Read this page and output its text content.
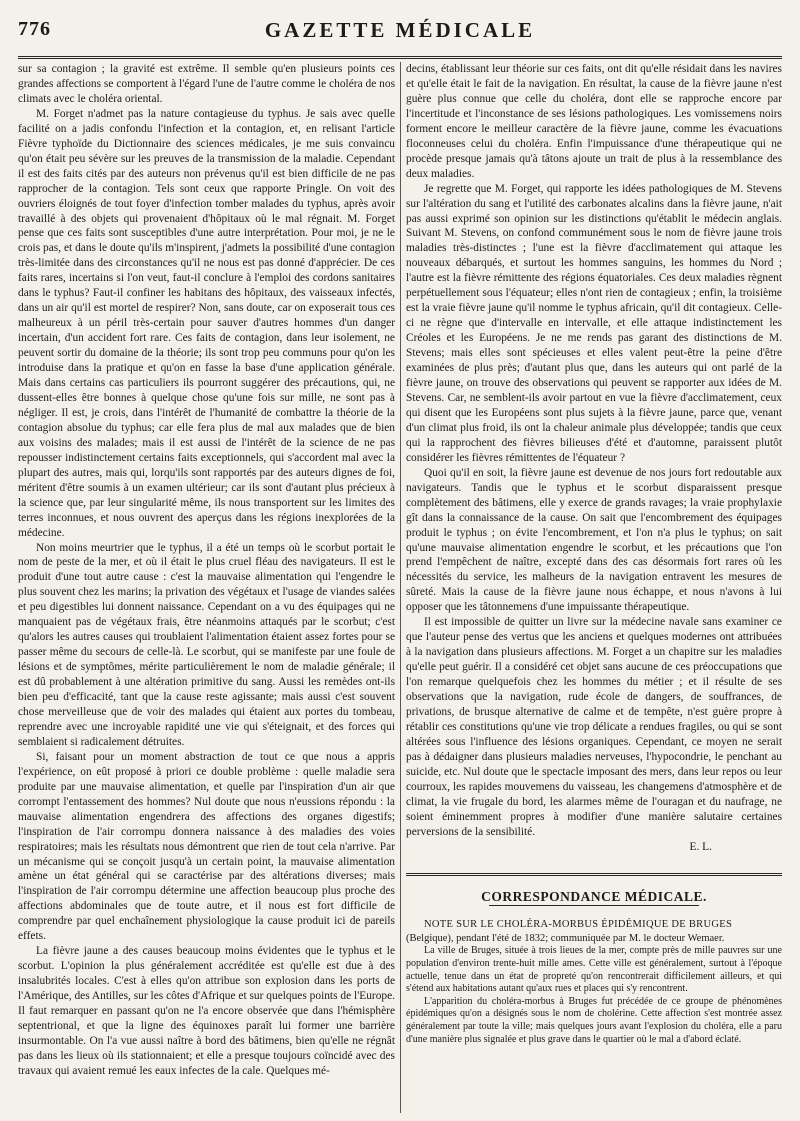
776	GAZETTE MÉDICALE

sur sa contagion ; la gravité est extrême. Il semble qu'en plusieurs points ces grandes affections se comportent à l'égard l'une de l'autre comme le choléra de nos climats avec le choléra oriental.

M. Forget n'admet pas la nature contagieuse du typhus. Je sais avec quelle facilité on a jadis confondu l'infection et la contagion, et, en relisant l'article Fièvre typhoïde du Dictionnaire des sciences médicales, je me suis convaincu qu'on était peu sévère sur les preuves de la transmission de la maladie. Cependant il est des faits cités par des auteurs non prévenus qu'il est bien difficile de ne pas rapprocher de la contagion. Tels sont ceux que rapporte Pringle. On voit des ouvriers éloignés de tout foyer d'infection tomber malades du typhus, après avoir travaillé à des objets qui provenaient d'hôpitaux où le mal régnait. M. Forget pense que ces faits sont susceptibles d'une autre interprétation. Pour moi, je ne le crois pas, et dans le doute qu'ils m'inspirent, j'admets la possibilité d'une contagion très-limitée dans des circonstances qu'il ne nous est pas donné d'apprécier. De ces faits rares, incertains si l'on veut, faut-il conclure à l'emploi des cordons sanitaires dans le typhus? Faut-il confiner les habitans des hôpitaux, des vaisseaux infectés, dans un air qu'il est mortel de respirer? Non, sans doute, car on exposerait tous ces malheureux à un péril très-certain pour sauver d'autres hommes d'un danger incertain, d'un accident fort rare. Ces faits de contagion, dans leur isolement, ne peuvent sortir du domaine de la théorie; ils sont trop peu communs pour qu'on les introduise dans la pratique et qu'on en fasse la base d'une application générale. Mais dans certains cas particuliers ils pourront suggérer des précautions, qui, ne dussent-elles être bonnes à quelque chose qu'une fois sur mille, ne sont pas à négliger. Il est, je crois, dans l'intérêt de l'humanité de combattre la théorie de la contagion absolue du typhus; car elle fera plus de mal aux malades que de bien aux voisins des malades; mais il est aussi de l'intérêt de la science de ne pas repousser indistinctement certains faits exceptionnels, qui s'accordent mal avec la plupart des autres, mais qui, lorqu'ils sont rapportés par des auteurs dignes de foi, méritent d'être soumis à un examen ultérieur; car ils sont d'autant plus précieux à la science que, par leur singularité même, ils nous transportent sur les limites des terres inconnues, et nous ouvrent des aperçus dans les régions inexplorées de la médecine.

Non moins meurtrier que le typhus, il a été un temps où le scorbut portait le nom de peste de la mer, et où il était le plus cruel fléau des navigateurs. Il est le produit d'une tout autre cause : c'est la mauvaise alimentation qui l'engendre le plus souvent chez les marins; la privation des végétaux et l'usage de viandes salées et peu digestibles lui donnent naissance. Cependant on a vu des équipages qui ne manquaient pas de végétaux frais, être néanmoins attaqués par le scorbut; c'est qu'alors les autres causes qui troublaient l'alimentation étaient assez fortes pour se passer même du secours de celle-là. Le scorbut, qui se manifeste par une foule de lésions et de symptômes, mérite particulièrement le nom de maladie générale; il est dû probablement à une altération primitive du sang. Aussi les remèdes ont-ils bien peu d'efficacité, tant que la cause reste agissante; mais aussi c'est souvent chose merveilleuse que de voir des malades qui étaient aux portes du tombeau, reprendre avec une incroyable rapidité une vie qui s'éteignait, et des forces qui semblaient si radicalement détruites.

Si, faisant pour un moment abstraction de tout ce que nous a appris l'expérience, on eût proposé à priori ce double problème : quelle maladie sera produite par une mauvaise alimentation, et quelle par l'inspiration d'un air que corrompt l'entassement des hommes? Nul doute que nous n'eussions répondu : la mauvaise alimentation engendrera des affections des organes digestifs; l'inspiration de l'air corrompu donnera naissance à des maladies des voies respiratoires; mais les résultats nous démontrent que rien de tout cela n'arrive. Par un mécanisme qui se conçoit jusqu'à un certain point, la mauvaise alimentation amène un état général qui se caractérise par des altérations diverses; mais l'inspiration de l'air corrompu détermine une affection beaucoup plus proche des affections abdominales que de toute autre, et il nous est fort difficile de comprendre par quel enchaînement physiologique la cause produit ici de pareils effets.

La fièvre jaune a des causes beaucoup moins évidentes que le typhus et le scorbut. L'opinion la plus généralement accréditée est qu'elle est due à des insalubrités locales. C'est à elles qu'on attribue son explosion dans les ports de l'Amérique, des Antilles, sur les côtes d'Afrique et sur quelques points de l'Europe. Il faut remarquer en passant qu'on ne l'a encore observée que dans l'hémisphère septentrional, et que la ligne des équinoxes paraît lui former une barrière insurmontable. On l'a vue aussi naître à bord des bâtimens, bien qu'elle ne régnât pas dans les lieux où ils stationnaient; et elle a presque toujours coïncidé avec des travaux qui avaient remué les eaux infectes de la cale. Quelques mé-

decins, établissant leur théorie sur ces faits, ont dit qu'elle résidait dans les navires et qu'elle était le fait de la navigation. En résultat, la cause de la fièvre jaune n'est guère plus connue que celle du choléra, dont elle se rapproche encore par l'incertitude et l'inconstance de ses lésions pathologiques. Les vomissemens noirs forment encore le meilleur caractère de la fièvre jaune, comme les évacuations floconneuses celui du choléra. Enfin l'impuissance d'une thérapeutique qui ne procède presque jamais qu'à tâtons ajoute un trait de plus à la ressemblance des deux maladies.

Je regrette que M. Forget, qui rapporte les idées pathologiques de M. Stevens sur l'altération du sang et l'utilité des carbonates alcalins dans la fièvre jaune, n'ait pas aussi exprimé son opinion sur les distinctions qu'établit le médecin anglais. Suivant M. Stevens, on confond communément sous le nom de fièvre jaune trois maladies très-distinctes ; l'une est la fièvre d'acclimatement qui attaque les nouveaux débarqués, et surtout les hommes sanguins, les hommes du Nord ; l'autre est la fièvre rémittente des régions équatoriales. Ces deux maladies règnent perpétuellement sous l'équateur; elles n'ont rien de contagieux ; enfin, la troisième est la vraie fièvre jaune qu'il nomme le typhus africain, qu'il dit contagieux. Celle-ci ne règne que d'intervalle en intervalle, et elle attaque indistinctement les Créoles et les Européens. Je ne me rends pas garant des distinctions de M. Stevens; mais elles sont spécieuses et elles valent peut-être la peine d'être examinées de plus près; d'autant plus que, dans les auteurs qui ont parlé de la fièvre jaune, on trouve des observations qui peuvent se rapporter aux idées de M. Stevens. Car, ne semblent-ils avoir partout en vue la fièvre d'acclimatement, ceux qui disent que les Européens sont plus sujets à la fièvre jaune, parce que, venant d'un climat plus froid, ils ont la chaleur animale plus développée; tandis que ceux qui la rapprochent des fièvres bilieuses d'été et d'automne, paraissent plutôt considérer les fièvres rémittentes de l'équateur ?

Quoi qu'il en soit, la fièvre jaune est devenue de nos jours fort redoutable aux navigateurs. Tandis que le typhus et le scorbut disparaissent presque complètement des bâtimens, elle y exerce de grands ravages; la vraie prophylaxie gît dans la connaissance de la cause. On sait que l'encombrement des équipages produit le typhus ; on évite l'encombrement, et l'on n'a plus le typhus; on sait qu'une mauvaise alimentation engendre le scorbut, et les précautions que l'on prend l'empêchent de naître, excepté dans des cas désormais fort rares où les nécessités du service, les malheurs de la navigation entravent les mesures de sûreté. Mais la cause de la fièvre jaune nous échappe, et nous n'avons à lui opposer que les tâtonnemens d'une impuissante thérapeutique.

Il est impossible de quitter un livre sur la médecine navale sans examiner ce que l'auteur pense des vertus que les anciens et quelques modernes ont attribuées à la navigation dans plusieurs affections. M. Forget a un chapitre sur les maladies qu'elle peut guérir. Il a considéré cet objet sans aucune de ces préoccupations que l'on remarque quelquefois chez les hommes du métier ; et il résulte de ses observations que la navigation, rude école de dangers, de souffrances, de privations, de brusque alternative de calme et de tempête, n'est guère propre à rétablir ces constitutions qu'une vie trop délicate a rendues fragiles, ou qui se sont altérées sous l'influence des lésions organiques. Cependant, ce moyen ne serait pas à dédaigner dans plusieurs maladies nerveuses, l'hypocondrie, le penchant au suicide, etc. Nul doute que le spectacle imposant des mers, dans leur repos ou leur courroux, les rapides mouvemens du vaisseau, les changemens d'atmosphère et de climat, la vie frugale du bord, les alarmes même de l'ouragan et du naufrage, ne soient éminemment propres à modifier d'une manière salutaire certaines perversions de la sensibilité.

E. L.

CORRESPONDANCE MÉDICALE.

NOTE SUR LE CHOLÉRA-MORBUS ÉPIDÉMIQUE DE BRUGES (Belgique), pendant l'été de 1832; communiquée par M. le docteur Wemaer.

La ville de Bruges, située à trois lieues de la mer, compte près de mille pauvres sur une population d'environ trente-huit mille ames. Cette ville est généralement, surtout à l'époque actuelle, tenue dans un état de propreté qu'on rencontrerait difficilement ailleurs, et qui s'étend aux habitations autant qu'aux rues et places qui s'y rencontrent.

L'apparition du choléra-morbus à Bruges fut précédée de ce groupe de phénomènes épidémiques qu'on a désignés sous le nom de cholérine. Cette affection s'est montrée assez généralement par toute la ville; mais quelques jours avant l'explosion du choléra, elle a paru d'une manière plus signalée et plus grave dans le quartier où le mal a d'abord éclaté.
